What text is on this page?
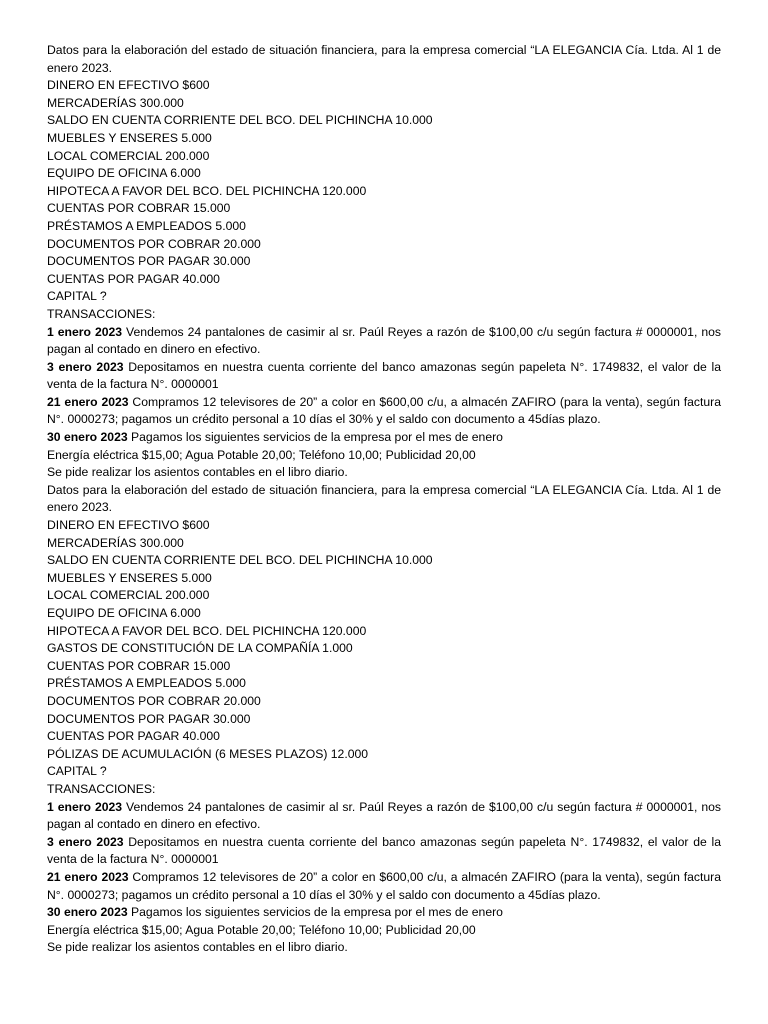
Datos para la elaboración del estado de situación financiera, para la empresa comercial “LA ELEGANCIA Cía. Ltda. Al 1 de enero 2023.
DINERO EN EFECTIVO $600
MERCADERÍAS 300.000
SALDO EN CUENTA CORRIENTE DEL BCO. DEL PICHINCHA 10.000
MUEBLES Y ENSERES 5.000
LOCAL COMERCIAL 200.000
EQUIPO DE OFICINA 6.000
HIPOTECA A FAVOR DEL BCO. DEL PICHINCHA 120.000
CUENTAS POR COBRAR 15.000
PRÉSTAMOS A EMPLEADOS 5.000
DOCUMENTOS POR COBRAR 20.000
DOCUMENTOS POR PAGAR 30.000
CUENTAS POR PAGAR 40.000
CAPITAL ?
TRANSACCIONES:
1 enero 2023 Vendemos 24 pantalones de casimir al sr. Paúl Reyes a razón de $100,00 c/u según factura # 0000001, nos pagan al contado en dinero en efectivo.
3 enero 2023 Depositamos en nuestra cuenta corriente del banco amazonas según papeleta N°. 1749832, el valor de la venta de la factura N°. 0000001
21 enero 2023 Compramos 12 televisores de 20” a color en $600,00 c/u, a almacén ZAFIRO (para la venta), según factura N°. 0000273; pagamos un crédito personal a 10 días el 30% y el saldo con documento a 45días plazo.
30 enero 2023 Pagamos los siguientes servicios de la empresa por el mes de enero
Energía eléctrica $15,00; Agua Potable 20,00; Teléfono 10,00; Publicidad 20,00
Se pide realizar los asientos contables en el libro diario.
Datos para la elaboración del estado de situación financiera, para la empresa comercial “LA ELEGANCIA Cía. Ltda. Al 1 de enero 2023.
DINERO EN EFECTIVO $600
MERCADERÍAS 300.000
SALDO EN CUENTA CORRIENTE DEL BCO. DEL PICHINCHA 10.000
MUEBLES Y ENSERES 5.000
LOCAL COMERCIAL 200.000
EQUIPO DE OFICINA 6.000
HIPOTECA A FAVOR DEL BCO. DEL PICHINCHA 120.000
GASTOS DE CONSTITUCIÓN DE LA COMPAÑÍA 1.000
CUENTAS POR COBRAR 15.000
PRÉSTAMOS A EMPLEADOS 5.000
DOCUMENTOS POR COBRAR 20.000
DOCUMENTOS POR PAGAR 30.000
CUENTAS POR PAGAR 40.000
PÓLIZAS DE ACUMULACIÓN (6 MESES PLAZOS) 12.000
CAPITAL ?
TRANSACCIONES:
1 enero 2023 Vendemos 24 pantalones de casimir al sr. Paúl Reyes a razón de $100,00 c/u según factura # 0000001, nos pagan al contado en dinero en efectivo.
3 enero 2023 Depositamos en nuestra cuenta corriente del banco amazonas según papeleta N°. 1749832, el valor de la venta de la factura N°. 0000001
21 enero 2023 Compramos 12 televisores de 20” a color en $600,00 c/u, a almacén ZAFIRO (para la venta), según factura N°. 0000273; pagamos un crédito personal a 10 días el 30% y el saldo con documento a 45días plazo.
30 enero 2023 Pagamos los siguientes servicios de la empresa por el mes de enero
Energía eléctrica $15,00; Agua Potable 20,00; Teléfono 10,00; Publicidad 20,00
Se pide realizar los asientos contables en el libro diario.
